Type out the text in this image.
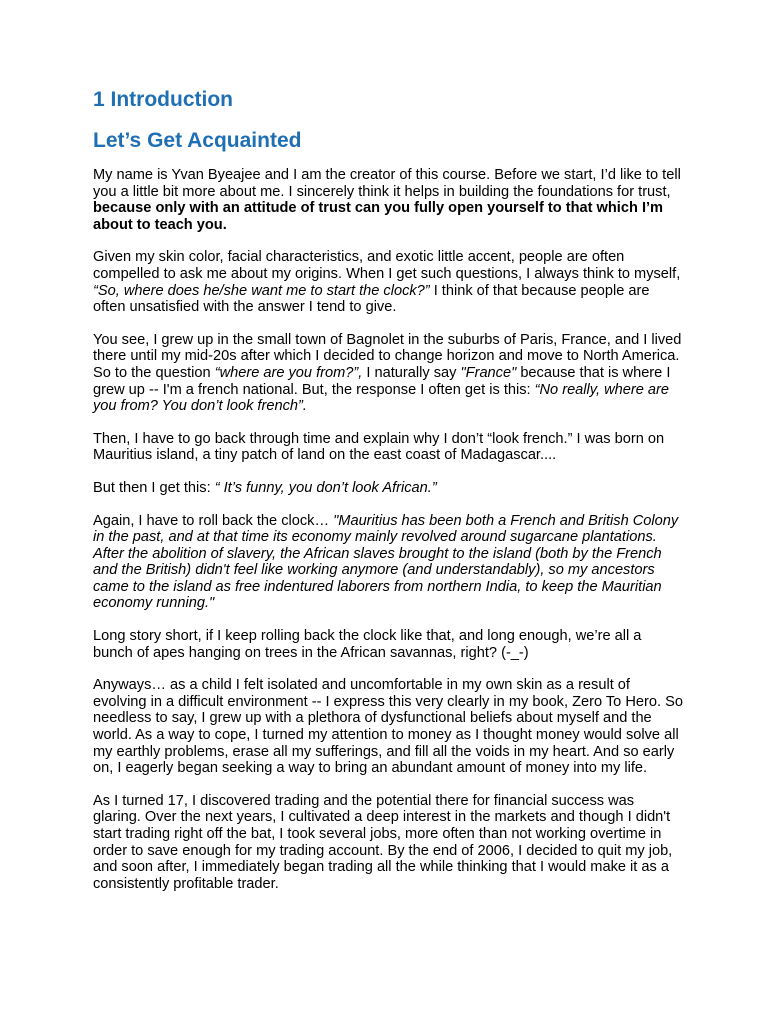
1 Introduction
Let’s Get Acquainted

My name is Yvan Byeajee and I am the creator of this course. Before we start, I’d like to tell you a little bit more about me. I sincerely think it helps in building the foundations for trust, because only with an attitude of trust can you fully open yourself to that which I’m about to teach you.

Given my skin color, facial characteristics, and exotic little accent, people are often compelled to ask me about my origins. When I get such questions, I always think to myself, “So, where does he/she want me to start the clock?” I think of that because people are often unsatisfied with the answer I tend to give.

You see, I grew up in the small town of Bagnolet in the suburbs of Paris, France, and I lived there until my mid-20s after which I decided to change horizon and move to North America. So to the question “where are you from?”, I naturally say "France" because that is where I grew up -- I'm a french national. But, the response I often get is this: “No really, where are you from? You don’t look french”.

Then, I have to go back through time and explain why I don’t “look french.” I was born on Mauritius island, a tiny patch of land on the east coast of Madagascar....

But then I get this: “ It’s funny, you don’t look African.”

Again, I have to roll back the clock… "Mauritius has been both a French and British Colony in the past, and at that time its economy mainly revolved around sugarcane plantations. After the abolition of slavery, the African slaves brought to the island (both by the French and the British) didn't feel like working anymore (and understandably), so my ancestors came to the island as free indentured laborers from northern India, to keep the Mauritian economy running."

Long story short, if I keep rolling back the clock like that, and long enough, we’re all a bunch of apes hanging on trees in the African savannas, right? (-_-)

Anyways… as a child I felt isolated and uncomfortable in my own skin as a result of evolving in a difficult environment -- I express this very clearly in my book, Zero To Hero. So needless to say, I grew up with a plethora of dysfunctional beliefs about myself and the world. As a way to cope, I turned my attention to money as I thought money would solve all my earthly problems, erase all my sufferings, and fill all the voids in my heart. And so early on, I eagerly began seeking a way to bring an abundant amount of money into my life.

As I turned 17, I discovered trading and the potential there for financial success was glaring. Over the next years, I cultivated a deep interest in the markets and though I didn't start trading right off the bat, I took several jobs, more often than not working overtime in order to save enough for my trading account. By the end of 2006, I decided to quit my job, and soon after, I immediately began trading all the while thinking that I would make it as a consistently profitable trader.
